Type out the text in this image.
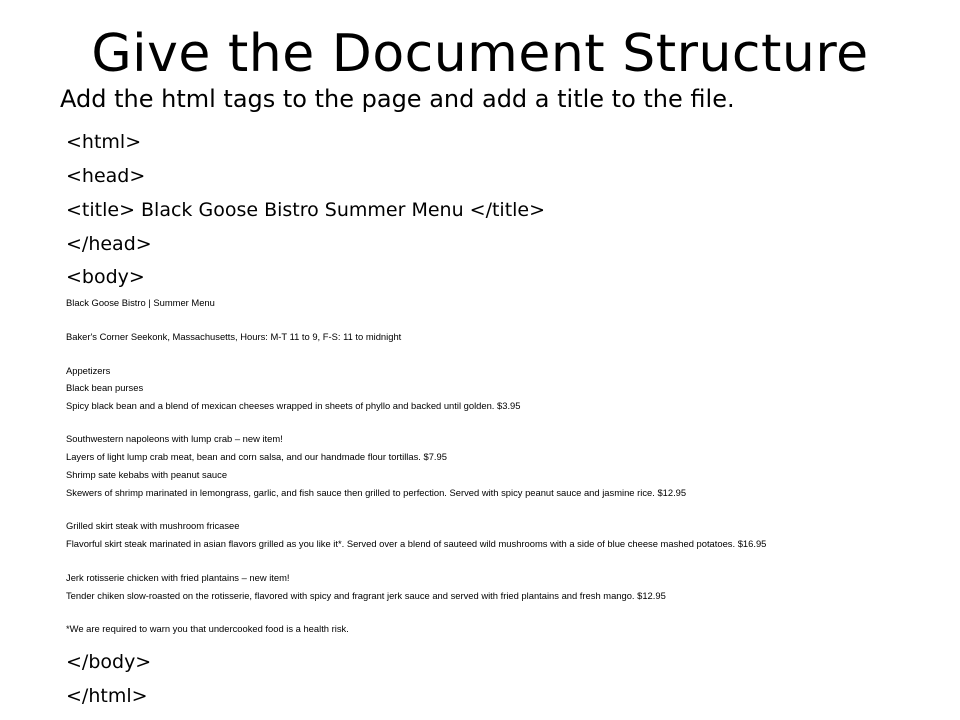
Give the Document Structure
Add the html tags to the page and add a title to the file.
<html>
<head>
<title> Black Goose Bistro Summer Menu </title>
</head>
<body>
Black Goose Bistro | Summer Menu
Baker's Corner Seekonk, Massachusetts, Hours: M-T 11 to 9, F-S: 11 to midnight
Appetizers
Black bean purses
Spicy black bean and a blend of mexican cheeses wrapped in sheets of phyllo and backed until golden. $3.95
Southwestern napoleons with lump crab – new item!
Layers of light lump crab meat, bean and corn salsa, and our handmade flour tortillas. $7.95
Shrimp sate kebabs with peanut sauce
Skewers of shrimp marinated in lemongrass, garlic, and fish sauce then grilled to perfection. Served with spicy peanut sauce and jasmine rice. $12.95
Grilled skirt steak with mushroom fricasee
Flavorful skirt steak marinated in asian flavors grilled as you like it*. Served over a blend of sauteed wild mushrooms with a side of blue cheese mashed potatoes. $16.95
Jerk rotisserie chicken with fried plantains – new item!
Tender chiken slow-roasted on the rotisserie, flavored with spicy and fragrant jerk sauce and served with fried plantains and fresh mango. $12.95
*We are required to warn you that undercooked food is a health risk.
</body>
</html>
